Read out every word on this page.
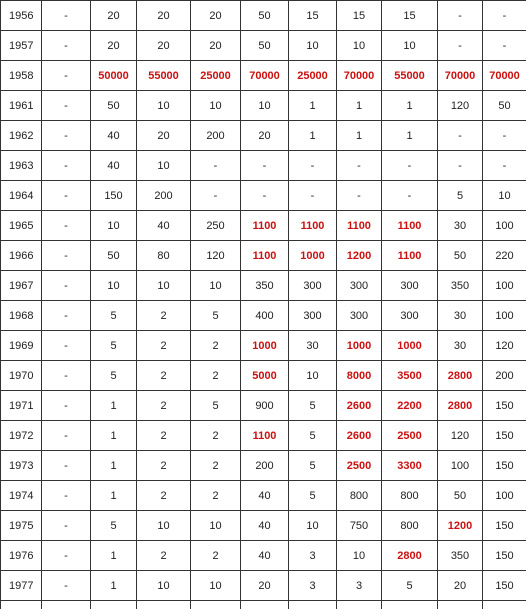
1956	-	20	20	20	50	15	15	15	-	-
1957	-	20	20	20	50	10	10	10	-	-
1958	-	50000	55000	25000	70000	25000	70000	55000	70000	70000
1961	-	50	10	10	10	1	1	1	120	50
1962	-	40	20	200	20	1	1	1	-	-
1963	-	40	10	-	-	-	-	-	-	-
1964	-	150	200	-	-	-	-	-	5	10
1965	-	10	40	250	1100	1100	1100	1100	30	100
1966	-	50	80	120	1100	1000	1200	1100	50	220
1967	-	10	10	10	350	300	300	300	350	100
1968	-	5	2	5	400	300	300	300	30	100
1969	-	5	2	2	1000	30	1000	1000	30	120
1970	-	5	2	2	5000	10	8000	3500	2800	200
1971	-	1	2	5	900	5	2600	2200	2800	150
1972	-	1	2	2	1100	5	2600	2500	120	150
1973	-	1	2	2	200	5	2500	3300	100	150
1974	-	1	2	2	40	5	800	800	50	100
1975	-	5	10	10	40	10	750	800	1200	150
1976	-	1	2	2	40	3	10	2800	350	150
1977	-	1	10	10	20	3	3	5	20	150
